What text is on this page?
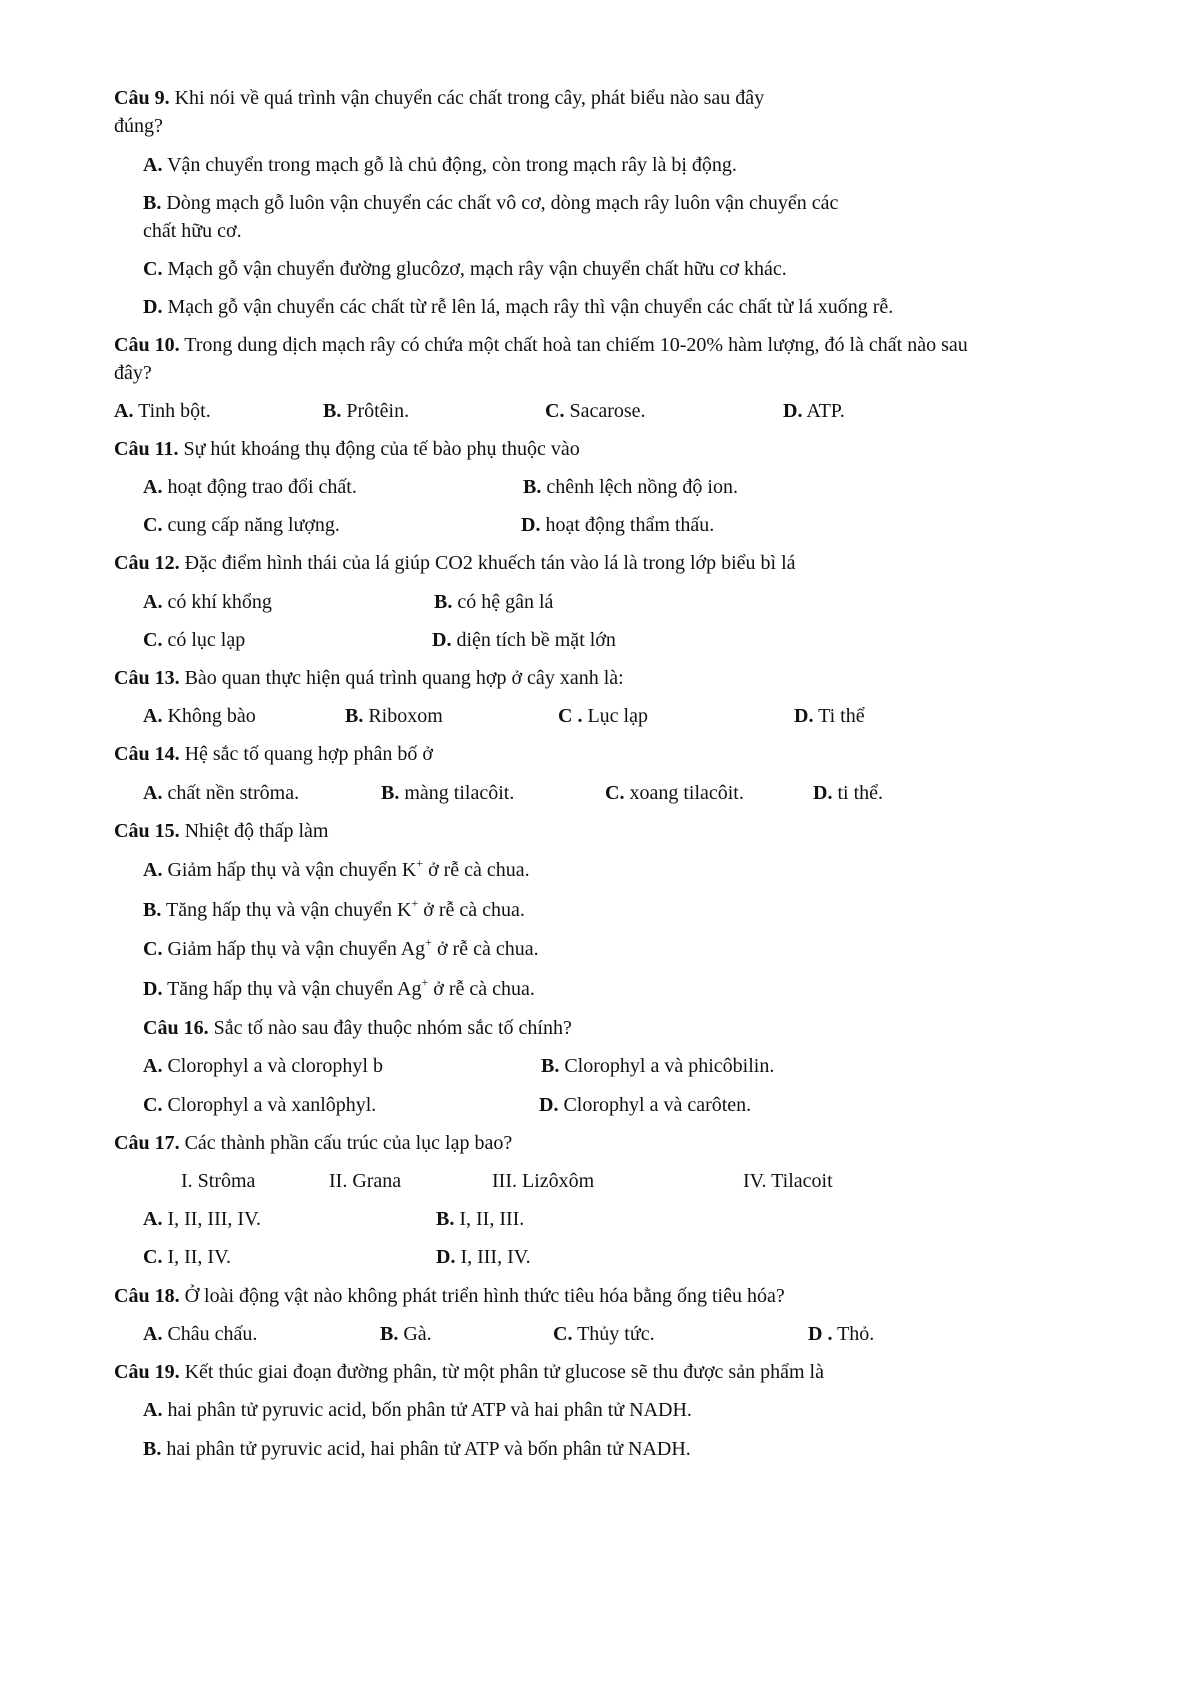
Câu 9. Khi nói về quá trình vận chuyển các chất trong cây, phát biểu nào sau đây
đúng?
A. Vận chuyển trong mạch gỗ là chủ động, còn trong mạch rây là bị động.
B. Dòng mạch gỗ luôn vận chuyển các chất vô cơ, dòng mạch rây luôn vận chuyển các
chất hữu cơ.
C. Mạch gỗ vận chuyển đường glucôzơ, mạch rây vận chuyển chất hữu cơ khác.
D. Mạch gỗ vận chuyển các chất từ rễ lên lá, mạch rây thì vận chuyển các chất từ lá xuống rễ.
Câu 10. Trong dung dịch mạch rây có chứa một chất hoà tan chiếm 10-20% hàm lượng, đó là chất nào sau
đây?
A. Tinh bột.	B. Prôtêin.	C. Sacarose.	D. ATP.
Câu 11. Sự hút khoáng thụ động của tế bào phụ thuộc vào
A. hoạt động trao đổi chất.	B. chênh lệch nồng độ ion.
C. cung cấp năng lượng.	D. hoạt động thẩm thấu.
Câu 12. Đặc điểm hình thái của lá giúp CO2 khuếch tán vào lá là trong lớp biểu bì lá
A. có khí khổng	B. có hệ gân lá
C. có lục lạp	D. diện tích bề mặt lớn
Câu 13. Bào quan thực hiện quá trình quang hợp ở cây xanh là:
A. Không bào	B. Riboxom	C . Lục lạp	D. Ti thể
Câu 14. Hệ sắc tố quang hợp phân bố ở
A. chất nền strôma.	B. màng tilacôit.	C. xoang tilacôit.	D. ti thể.
Câu 15. Nhiệt độ thấp làm
A. Giảm hấp thụ và vận chuyển K+ ở rễ cà chua.
B. Tăng hấp thụ và vận chuyển K+ ở rễ cà chua.
C. Giảm hấp thụ và vận chuyển Ag+ ở rễ cà chua.
D. Tăng hấp thụ và vận chuyển Ag+ ở rễ cà chua.
Câu 16. Sắc tố nào sau đây thuộc nhóm sắc tố chính?
A. Clorophyl a và clorophyl b	B. Clorophyl a và phicôbilin.
C. Clorophyl a và xanlôphyl.	D. Clorophyl a và carôten.
Câu 17. Các thành phần cấu trúc của lục lạp bao?
I. Strôma	II. Grana	III. Lizôxôm	IV. Tilacoit
A. I, II, III, IV.	B. I, II, III.
C. I, II, IV.	D. I, III, IV.
Câu 18. Ở loài động vật nào không phát triển hình thức tiêu hóa bằng ống tiêu hóa?
A. Châu chấu.	B. Gà.	C. Thủy tức.	D . Thỏ.
Câu 19. Kết thúc giai đoạn đường phân, từ một phân tử glucose sẽ thu được sản phẩm là
A. hai phân tử pyruvic acid, bốn phân tử ATP và hai phân tử NADH.
B. hai phân tử pyruvic acid, hai phân tử ATP và bốn phân tử NADH.
